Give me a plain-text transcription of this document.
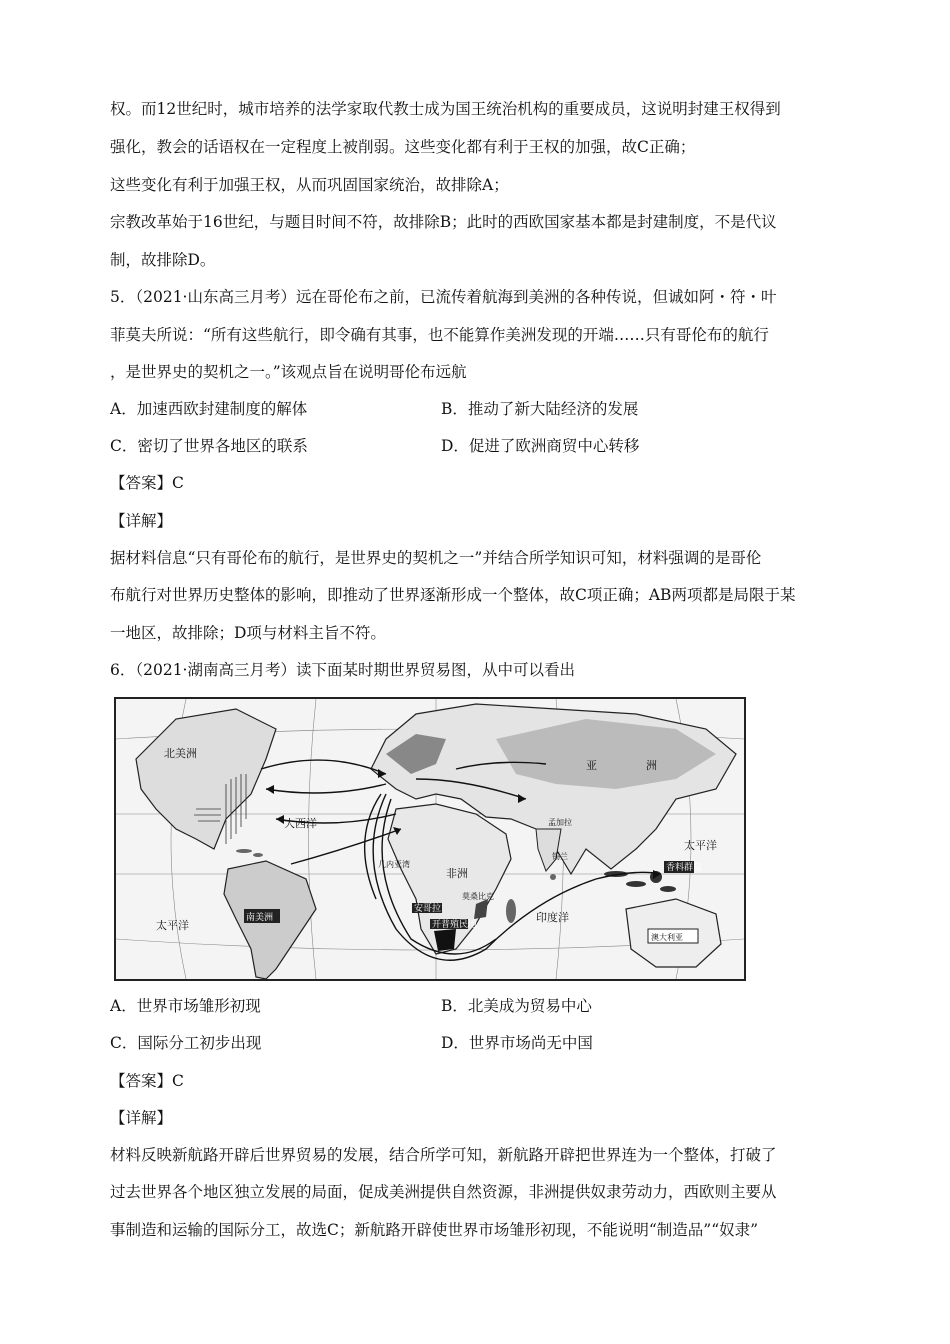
权。而12世纪时，城市培养的法学家取代教士成为国王统治机构的重要成员，这说明封建王权得到
强化，教会的话语权在一定程度上被削弱。这些变化都有利于王权的加强，故C正确；
这些变化有利于加强王权，从而巩固国家统治，故排除A；
宗教改革始于16世纪，与题目时间不符，故排除B；此时的西欧国家基本都是封建制度，不是代议
制，故排除D。
5．（2021·山东高三月考）远在哥伦布之前，已流传着航海到美洲的各种传说，但诚如阿・符・叶
菲莫夫所说：“所有这些航行，即令确有其事，也不能算作美洲发现的开端……只有哥伦布的航行
，是世界史的契机之一。”该观点旨在说明哥伦布远航
A．加速西欧封建制度的解体	B．推动了新大陆经济的发展
C．密切了世界各地区的联系	D．促进了欧洲商贸中心转移
【答案】C
【详解】
据材料信息“只有哥伦布的航行，是世界史的契机之一”并结合所学知识可知，材料强调的是哥伦
布航行对世界历史整体的影响，即推动了世界逐渐形成一个整体，故C项正确；AB两项都是局限于某
一地区，故排除；D项与材料主旨不符。
6．（2021·湖南高三月考）读下面某时期世界贸易图，从中可以看出
北美洲
大西洋
亚	洲
太平洋
太平洋
南美洲
几内亚湾
非洲
印度洋
澳大利亚
孟加拉
锡兰
香料群岛
莫桑比克
开普殖民地
安哥拉
A．世界市场雏形初现	B．北美成为贸易中心
C．国际分工初步出现	D．世界市场尚无中国
【答案】C
【详解】
材料反映新航路开辟后世界贸易的发展，结合所学可知，新航路开辟把世界连为一个整体，打破了
过去世界各个地区独立发展的局面，促成美洲提供自然资源，非洲提供奴隶劳动力，西欧则主要从
事制造和运输的国际分工，故选C；新航路开辟使世界市场雏形初现，不能说明“制造品”“奴隶”
